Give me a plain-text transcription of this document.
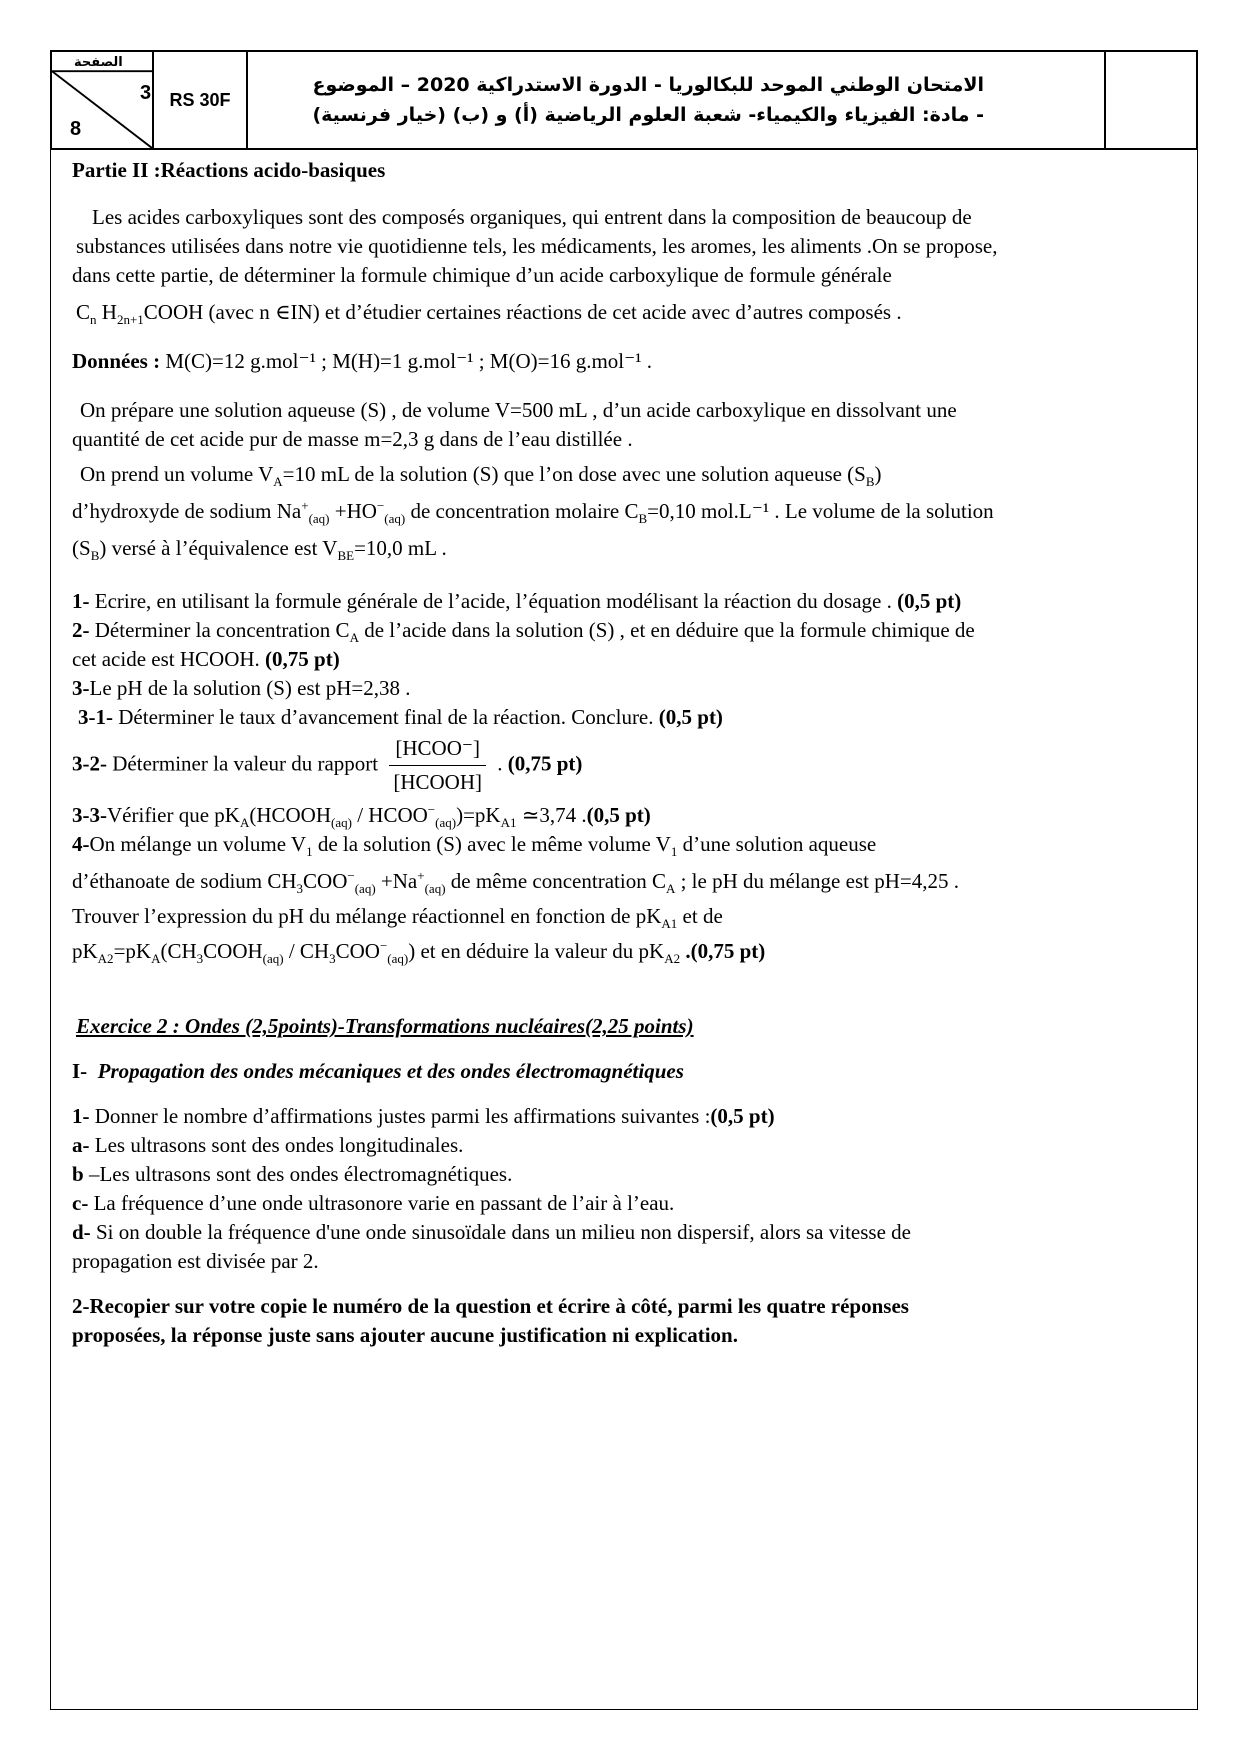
الصفحة
3
8
	RS 30F	
الامتحان الوطني الموحد للبكالوريا - الدورة الاستدراكية 2020 – الموضوع
- مادة: الفيزياء والكيمياء- شعبة العلوم الرياضية (أ) و (ب) (خيار فرنسية)

Partie II :Réactions acido-basiques

Les acides carboxyliques sont des composés organiques, qui entrent dans la composition de beaucoup de

substances utilisées dans notre vie quotidienne tels, les médicaments, les aromes, les aliments .On se propose,

dans cette partie, de déterminer la formule chimique d’un acide carboxylique de formule générale

$C_n$ $H_{2n+1}COOH$ (avec n ∈IN) et d’étudier certaines réactions de cet acide avec d’autres composés .

Données : M(C)=12 g.mol⁻¹ ; M(H)=1 g.mol⁻¹ ; M(O)=16 g.mol⁻¹ .

On prépare une solution aqueuse (S) , de volume V=500 mL , d’un acide carboxylique en dissolvant une

quantité de cet acide pur de masse m=2,3 g dans de l’eau distillée .

On prend un volume $V_A=10$ mL de la solution (S) que l’on dose avec une solution aqueuse $(S_B)$

d’hydroxyde de sodium $Na^+_{(aq)} +HO^-_{(aq)}$ de concentration molaire $C_B=0,10$ mol.L⁻¹ . Le volume de la solution

$(S_B)$ versé à l’équivalence est $V_{BE}=10,0$ mL .

1- Ecrire, en utilisant la formule générale de l’acide, l’équation modélisant la réaction du dosage . (0,5 pt)

2- Déterminer la concentration $C_A$ de l’acide dans la solution (S) , et en déduire que la formule chimique de

cet acide est HCOOH. (0,75 pt)

3-Le pH de la solution (S) est pH=2,38 .

3-1- Déterminer le taux d’avancement final de la réaction. Conclure. (0,5 pt)

3-2- Déterminer la valeur du rapport $\frac{\text{[HCOO⁻]}}{\text{[HCOOH]}}$ . (0,75 pt)

3-3-Vérifier que $pK_A(HCOOH_{(aq)}$ / $HCOO^-_{(aq)})=pK_{A1}$ ≃3,74 .(0,5 pt)

4-On mélange un volume $V_1$ de la solution (S) avec le même volume $V_1$ d’une solution aqueuse

d’éthanoate de sodium $CH_3COO^-_{(aq)} +Na^+_{(aq)}$ de même concentration $C_A$ ; le pH du mélange est pH=4,25 .

Trouver l’expression du pH du mélange réactionnel en fonction de $pK_{A1}$ et de

$pK_{A2}=pK_A(CH_3COOH_{(aq)} / CH_3COO^-_{(aq)})$ et en déduire la valeur du $pK_{A2}$ .(0,75 pt)

Exercice 2 : Ondes (2,5points)-Transformations nucléaires(2,25 points)

I- Propagation des ondes mécaniques et des ondes électromagnétiques

1- Donner le nombre d’affirmations justes parmi les affirmations suivantes :(0,5 pt)

a- Les ultrasons sont des ondes longitudinales.

b –Les ultrasons sont des ondes électromagnétiques.

c- La fréquence d’une onde ultrasonore varie en passant de l’air à l’eau.

d- Si on double la fréquence d'une onde sinusoïdale dans un milieu non dispersif, alors sa vitesse de

propagation est divisée par 2.

2-Recopier sur votre copie le numéro de la question et écrire à côté, parmi les quatre réponses

proposées, la réponse juste sans ajouter aucune justification ni explication.
